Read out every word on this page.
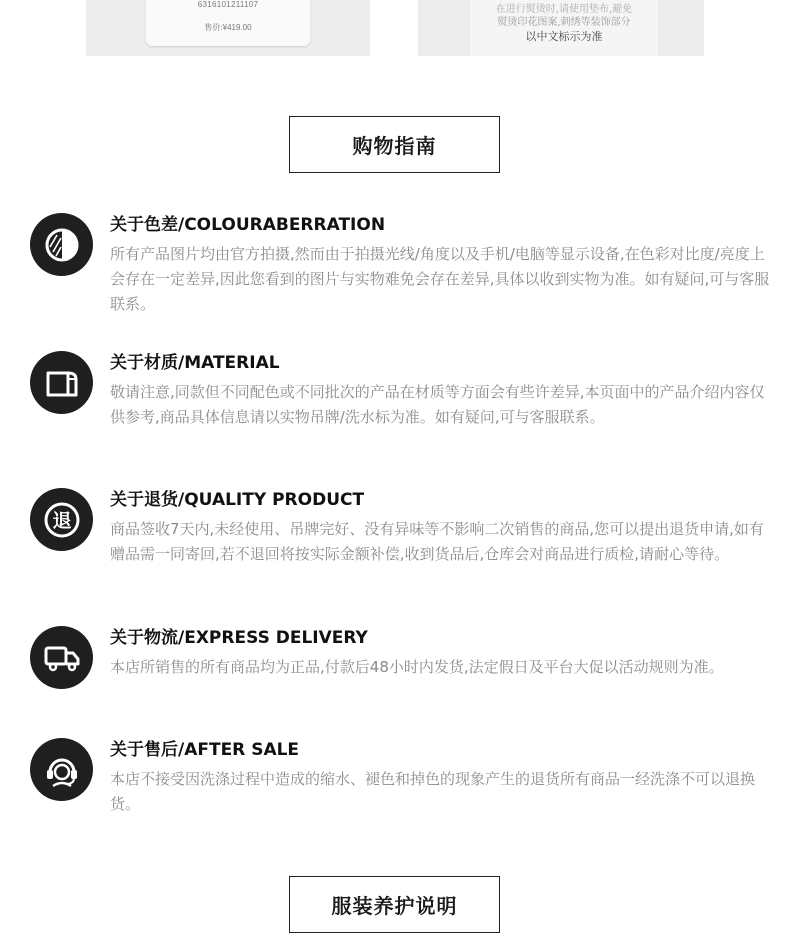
6316101211107
售价:¥419.00
在进行熨烫时,请使用垫布,避免
熨烫印花图案,刺绣等装饰部分
以中文标示为准
购物指南
关于色差/COLOURABERRATION
所有产品图片均由官方拍摄,然而由于拍摄光线/角度以及手机/电脑等显示设备,在色彩对比度/亮度上会存在一定差异,因此您看到的图片与实物难免会存在差异,具体以收到实物为准。如有疑问,可与客服联系。
关于材质/MATERIAL
敬请注意,同款但不同配色或不同批次的产品在材质等方面会有些许差异,本页面中的产品介绍内容仅供参考,商品具体信息请以实物吊牌/洗水标为准。如有疑问,可与客服联系。
退
关于退货/QUALITY PRODUCT
商品签收7天内,未经使用、吊牌完好、没有异味等不影响二次销售的商品,您可以提出退货申请,如有赠品需一同寄回,若不退回将按实际金额补偿,收到货品后,仓库会对商品进行质检,请耐心等待。
关于物流/EXPRESS DELIVERY
本店所销售的所有商品均为正品,付款后48小时内发货,法定假日及平台大促以活动规则为准。
关于售后/AFTER SALE
本店不接受因洗涤过程中造成的缩水、褪色和掉色的现象产生的退货所有商品一经洗涤不可以退换货。
服装养护说明
